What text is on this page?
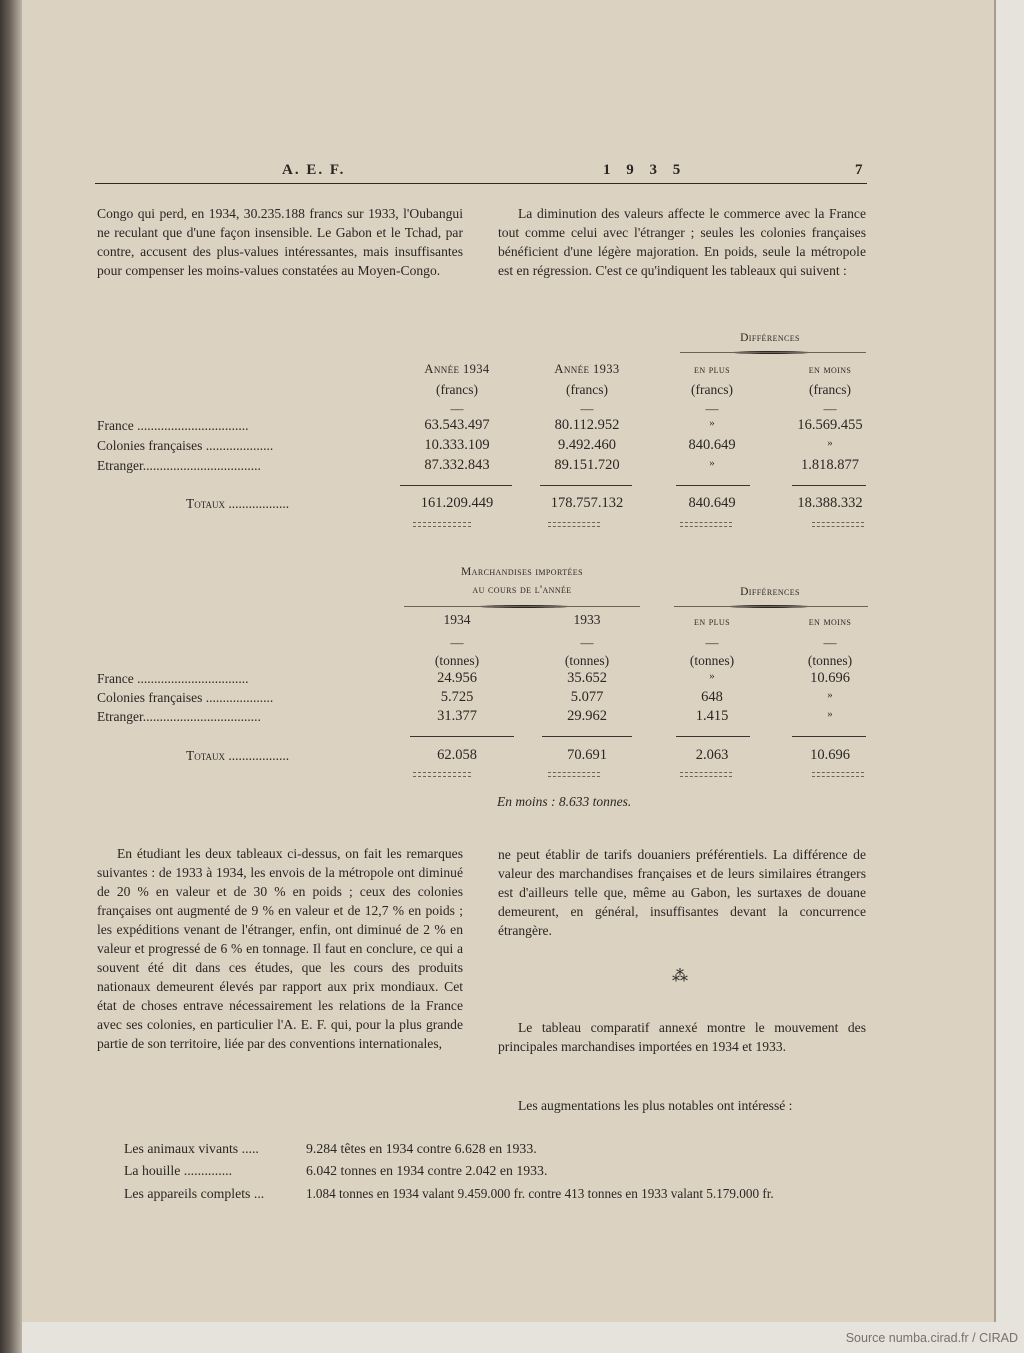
A. E. F.	1 9 3 5	7

Congo qui perd, en 1934, 30.235.188 francs sur 1933, l'Oubangui ne reculant que d'une façon insensible. Le Gabon et le Tchad, par contre, accusent des plus-values intéressantes, mais insuffisantes pour compenser les moins-values constatées au Moyen-Congo.

La diminution des valeurs affecte le commerce avec la France tout comme celui avec l'étranger ; seules les colonies françaises bénéficient d'une légère majoration. En poids, seule la métropole est en régression. C'est ce qu'indiquent les tableaux qui suivent :

Différences
Année 1934	Année 1933	en plus	en moins
(francs)	(francs)	(francs)	(francs)
—	—	—	—
France .................................	63.543.497	80.112.952	»	16.569.455
Colonies françaises ....................	10.333.109	9.492.460	840.649	»
Etranger...................................	87.332.843	89.151.720	»	1.818.877
Totaux ..................	161.209.449	178.757.132	840.649	18.388.332
Marchandises importées
au cours de l'année	Différences
1934	1933	en plus	en moins
—	—	—	—
(tonnes)	(tonnes)	(tonnes)	(tonnes)
France .................................	24.956	35.652	»	10.696
Colonies françaises ....................	5.725	5.077	648	»
Etranger...................................	31.377	29.962	1.415	»
Totaux ..................	62.058	70.691	2.063	10.696
En moins : 8.633 tonnes.

En étudiant les deux tableaux ci-dessus, on fait les remarques suivantes : de 1933 à 1934, les envois de la métropole ont diminué de 20 % en valeur et de 30 % en poids ; ceux des colonies françaises ont augmenté de 9 % en valeur et de 12,7 % en poids ; les expéditions venant de l'étranger, enfin, ont diminué de 2 % en valeur et progressé de 6 % en tonnage. Il faut en conclure, ce qui a souvent été dit dans ces études, que les cours des produits nationaux demeurent élevés par rapport aux prix mondiaux. Cet état de choses entrave nécessairement les relations de la France avec ses colonies, en particulier l'A. E. F. qui, pour la plus grande partie de son territoire, liée par des conventions internationales,

ne peut établir de tarifs douaniers préférentiels. La différence de valeur des marchandises françaises et de leurs similaires étrangers est d'ailleurs telle que, même au Gabon, les surtaxes de douane demeurent, en général, insuffisantes devant la concurrence étrangère.

⁂

Le tableau comparatif annexé montre le mouvement des principales marchandises importées en 1934 et 1933.

Les augmentations les plus notables ont intéressé :

Les animaux vivants .....	9.284 têtes en 1934 contre 6.628 en 1933.
La houille ..............	6.042 tonnes en 1934 contre 2.042 en 1933.
Les appareils complets ...	1.084 tonnes en 1934 valant 9.459.000 fr. contre 413 tonnes en 1933 valant 5.179.000 fr.
Source numba.cirad.fr / CIRAD
